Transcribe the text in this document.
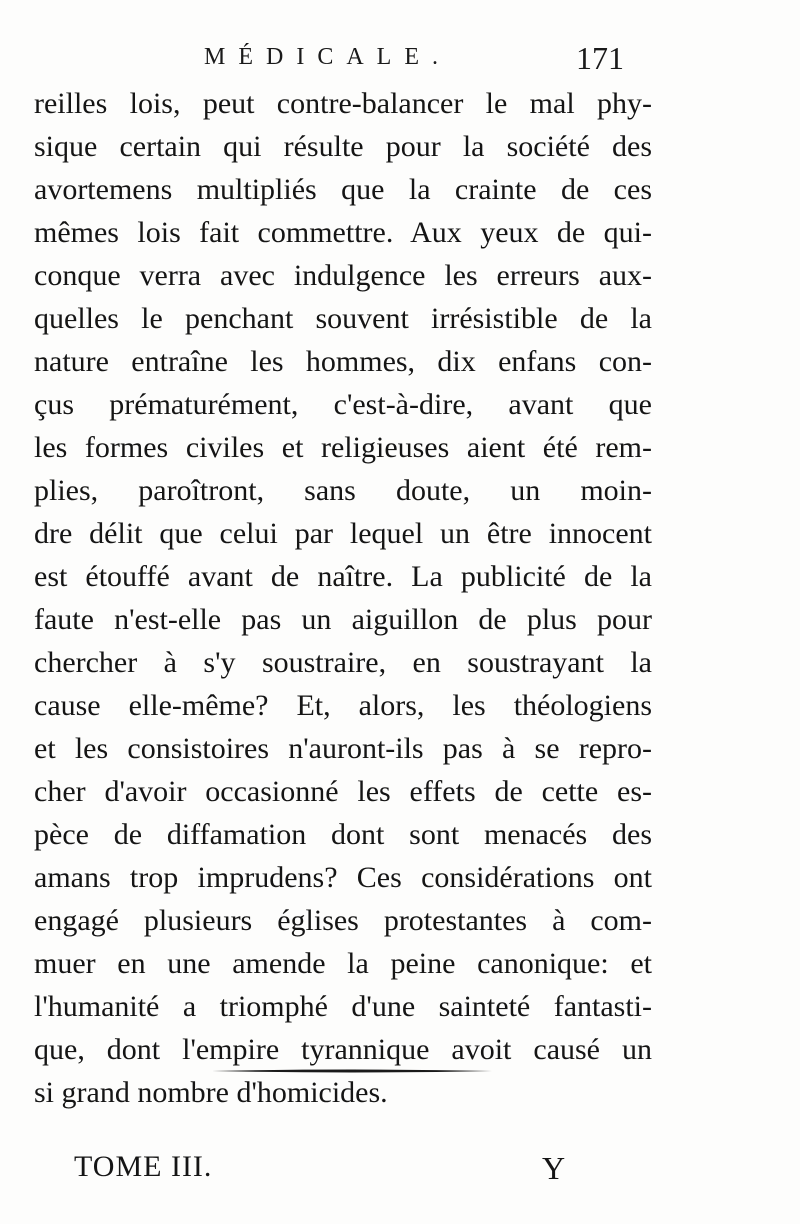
MÉDICALE.	171
reilles lois, peut contre-balancer le mal phy-
sique certain qui résulte pour la société des
avortemens multipliés que la crainte de ces
mêmes lois fait commettre. Aux yeux de qui-
conque verra avec indulgence les erreurs aux-
quelles le penchant souvent irrésistible de la
nature entraîne les hommes, dix enfans con-
çus prématurément, c'est-à-dire, avant que
les formes civiles et religieuses aient été rem-
plies, paroîtront, sans doute, un moin-
dre délit que celui par lequel un être innocent
est étouffé avant de naître. La publicité de la
faute n'est-elle pas un aiguillon de plus pour
chercher à s'y soustraire, en soustrayant la
cause elle-même? Et, alors, les théologiens
et les consistoires n'auront-ils pas à se repro-
cher d'avoir occasionné les effets de cette es-
pèce de diffamation dont sont menacés des
amans trop imprudens? Ces considérations ont
engagé plusieurs églises protestantes à com-
muer en une amende la peine canonique: et
l'humanité a triomphé d'une sainteté fantasti-
que, dont l'empire tyrannique avoit causé un
si grand nombre d'homicides.
TOME III.	Y
